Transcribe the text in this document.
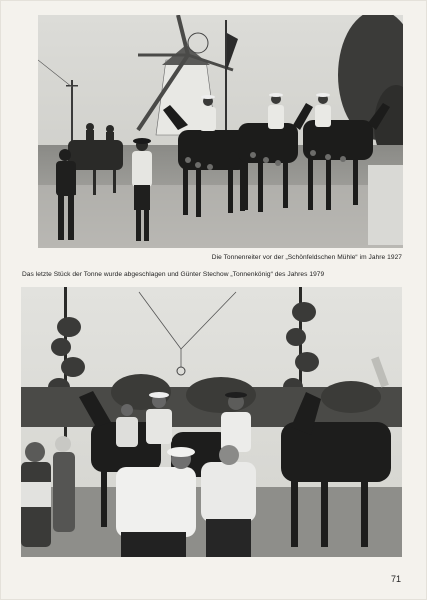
Die Tonnenreiter vor der „Schönfeldschen Mühle“ im Jahre 1927

Das letzte Stück der Tonne wurde abgeschlagen und Günter Stechow „Tonnenkönig“ des Jahres 1979

71
